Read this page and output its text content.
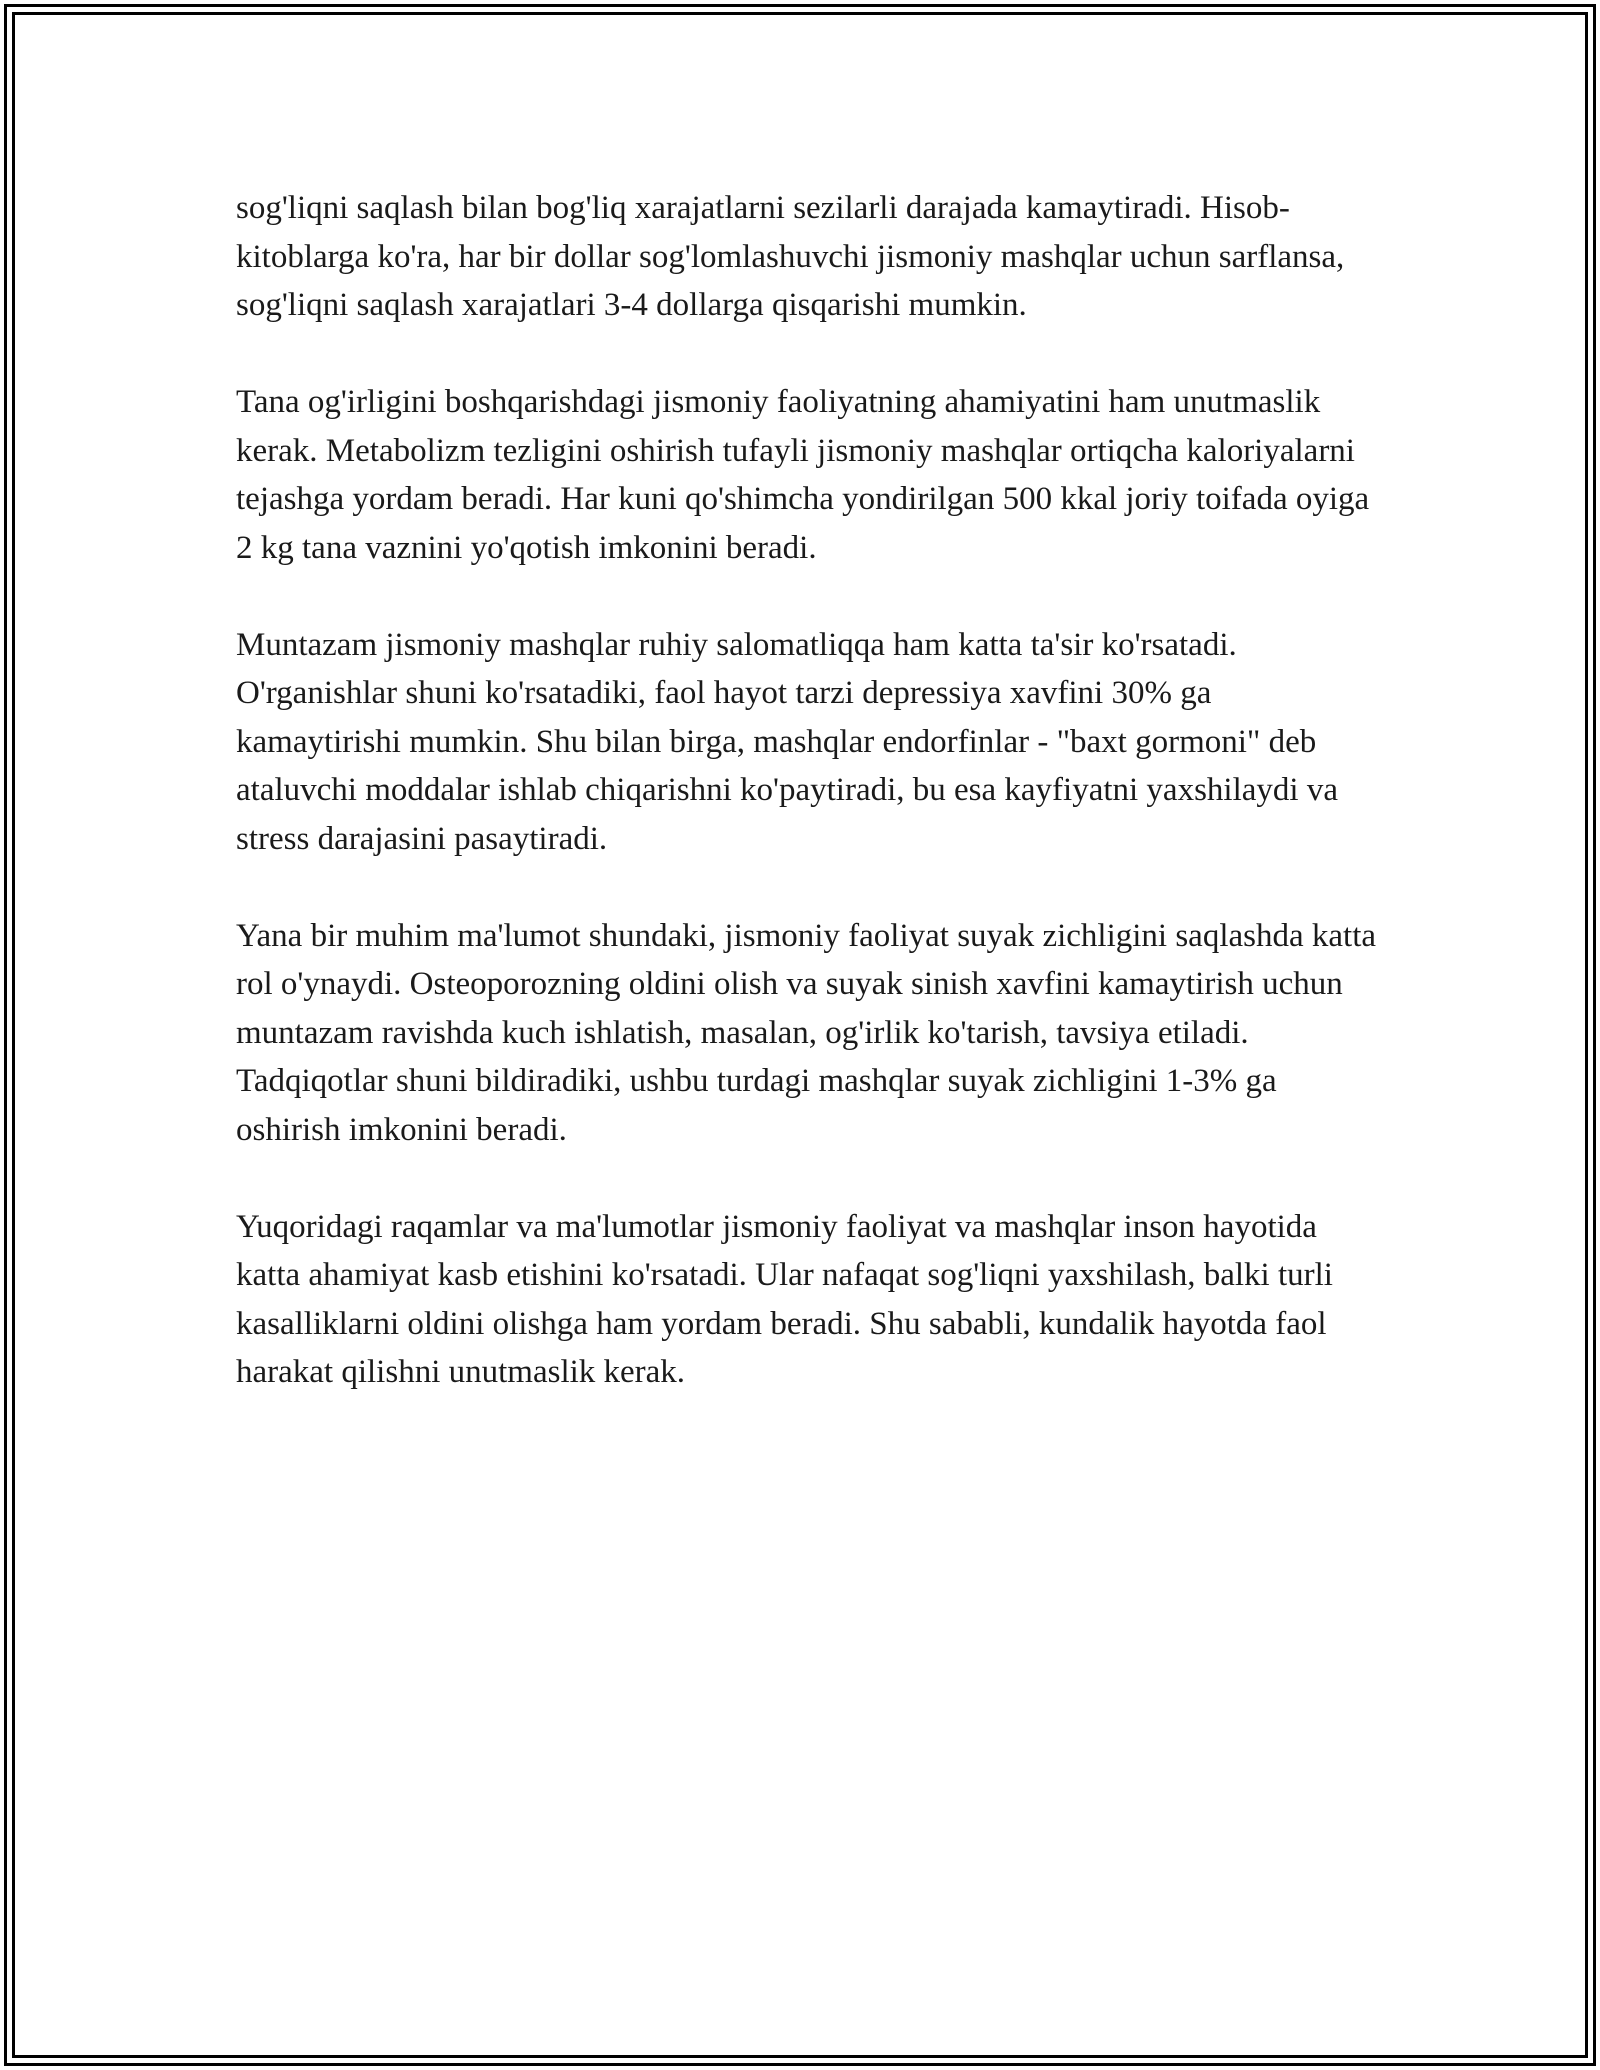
sog'liqni saqlash bilan bog'liq xarajatlarni sezilarli darajada kamaytiradi. Hisob-kitoblarga ko'ra, har bir dollar sog'lomlashuvchi jismoniy mashqlar uchun sarflansa, sog'liqni saqlash xarajatlari 3-4 dollarga qisqarishi mumkin.

Tana og'irligini boshqarishdagi jismoniy faoliyatning ahamiyatini ham unutmaslik kerak. Metabolizm tezligini oshirish tufayli jismoniy mashqlar ortiqcha kaloriyalarni tejashga yordam beradi. Har kuni qo'shimcha yondirilgan 500 kkal joriy toifada oyiga 2 kg tana vaznini yo'qotish imkonini beradi.

Muntazam jismoniy mashqlar ruhiy salomatliqqa ham katta ta'sir ko'rsatadi. O'rganishlar shuni ko'rsatadiki, faol hayot tarzi depressiya xavfini 30% ga kamaytirishi mumkin. Shu bilan birga, mashqlar endorfinlar - "baxt gormoni" deb ataluvchi moddalar ishlab chiqarishni ko'paytiradi, bu esa kayfiyatni yaxshilaydi va stress darajasini pasaytiradi.

Yana bir muhim ma'lumot shundaki, jismoniy faoliyat suyak zichligini saqlashda katta rol o'ynaydi. Osteoporozning oldini olish va suyak sinish xavfini kamaytirish uchun muntazam ravishda kuch ishlatish, masalan, og'irlik ko'tarish, tavsiya etiladi. Tadqiqotlar shuni bildiradiki, ushbu turdagi mashqlar suyak zichligini 1-3% ga oshirish imkonini beradi.

Yuqoridagi raqamlar va ma'lumotlar jismoniy faoliyat va mashqlar inson hayotida katta ahamiyat kasb etishini ko'rsatadi. Ular nafaqat sog'liqni yaxshilash, balki turli kasalliklarni oldini olishga ham yordam beradi. Shu sababli, kundalik hayotda faol harakat qilishni unutmaslik kerak.
